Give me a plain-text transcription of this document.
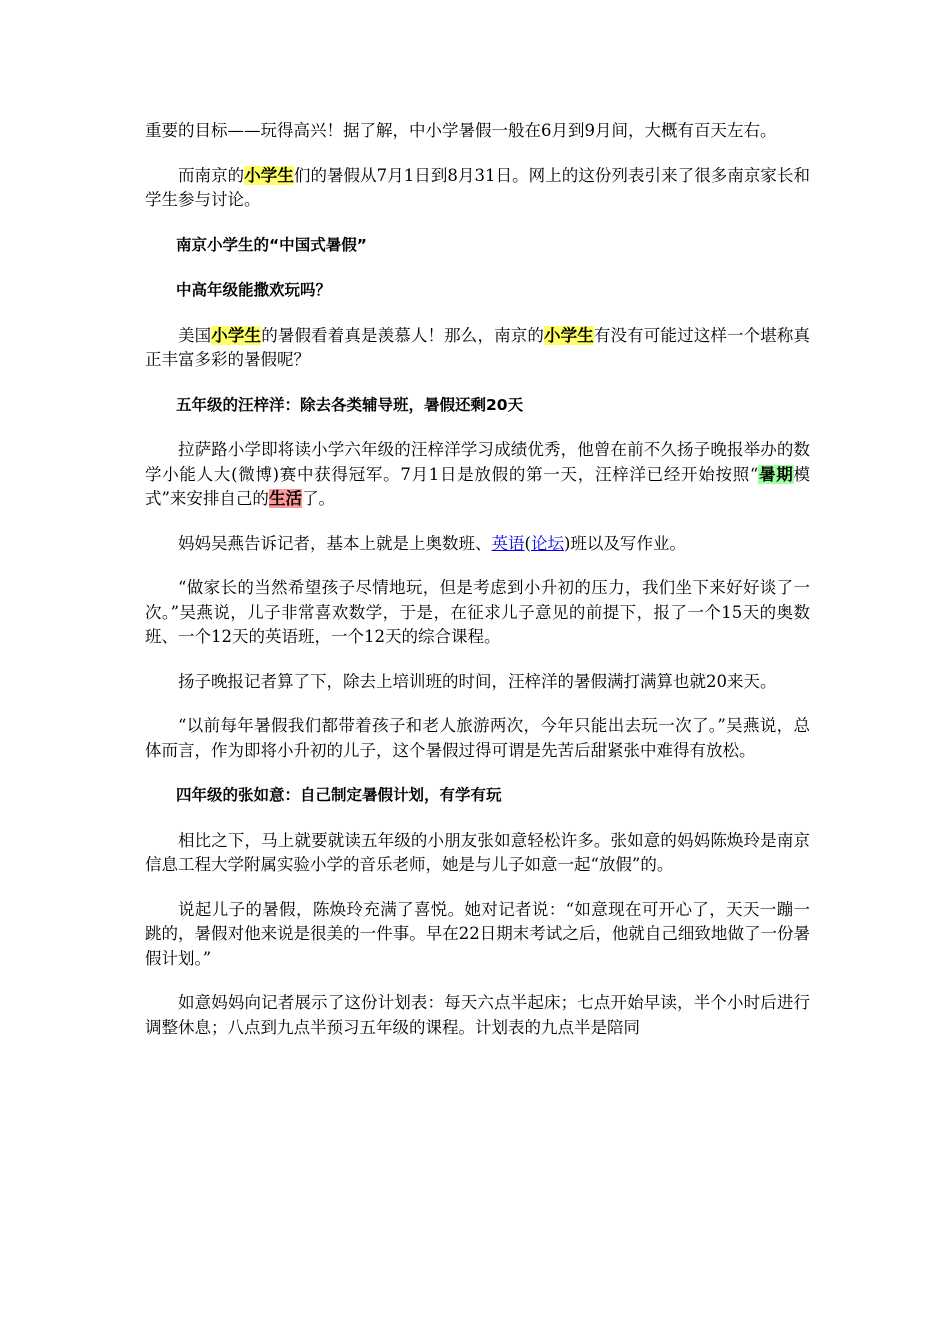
重要的目标——玩得高兴！据了解，中小学暑假一般在6月到9月间，大概有百天左右。

而南京的小学生们的暑假从7月1日到8月31日。网上的这份列表引来了很多南京家长和学生参与讨论。

南京小学生的“中国式暑假”

中高年级能撒欢玩吗？

美国小学生的暑假看着真是羡慕人！那么，南京的小学生有没有可能过这样一个堪称真正丰富多彩的暑假呢？

五年级的汪梓洋：除去各类辅导班，暑假还剩20天

拉萨路小学即将读小学六年级的汪梓洋学习成绩优秀，他曾在前不久扬子晚报举办的数学小能人大(微博)赛中获得冠军。7月1日是放假的第一天，汪梓洋已经开始按照“暑期模式”来安排自己的生活了。

妈妈吴燕告诉记者，基本上就是上奥数班、英语(论坛)班以及写作业。

“做家长的当然希望孩子尽情地玩，但是考虑到小升初的压力，我们坐下来好好谈了一次。”吴燕说，儿子非常喜欢数学，于是，在征求儿子意见的前提下，报了一个15天的奥数班、一个12天的英语班，一个12天的综合课程。

扬子晚报记者算了下，除去上培训班的时间，汪梓洋的暑假满打满算也就20来天。

“以前每年暑假我们都带着孩子和老人旅游两次，今年只能出去玩一次了。”吴燕说，总体而言，作为即将小升初的儿子，这个暑假过得可谓是先苦后甜紧张中难得有放松。

四年级的张如意：自己制定暑假计划，有学有玩

相比之下，马上就要就读五年级的小朋友张如意轻松许多。张如意的妈妈陈焕玲是南京信息工程大学附属实验小学的音乐老师，她是与儿子如意一起“放假”的。

说起儿子的暑假，陈焕玲充满了喜悦。她对记者说：“如意现在可开心了，天天一蹦一跳的，暑假对他来说是很美的一件事。早在22日期末考试之后，他就自己细致地做了一份暑假计划。”

如意妈妈向记者展示了这份计划表：每天六点半起床；七点开始早读，半个小时后进行调整休息；八点到九点半预习五年级的课程。计划表的九点半是陪同
